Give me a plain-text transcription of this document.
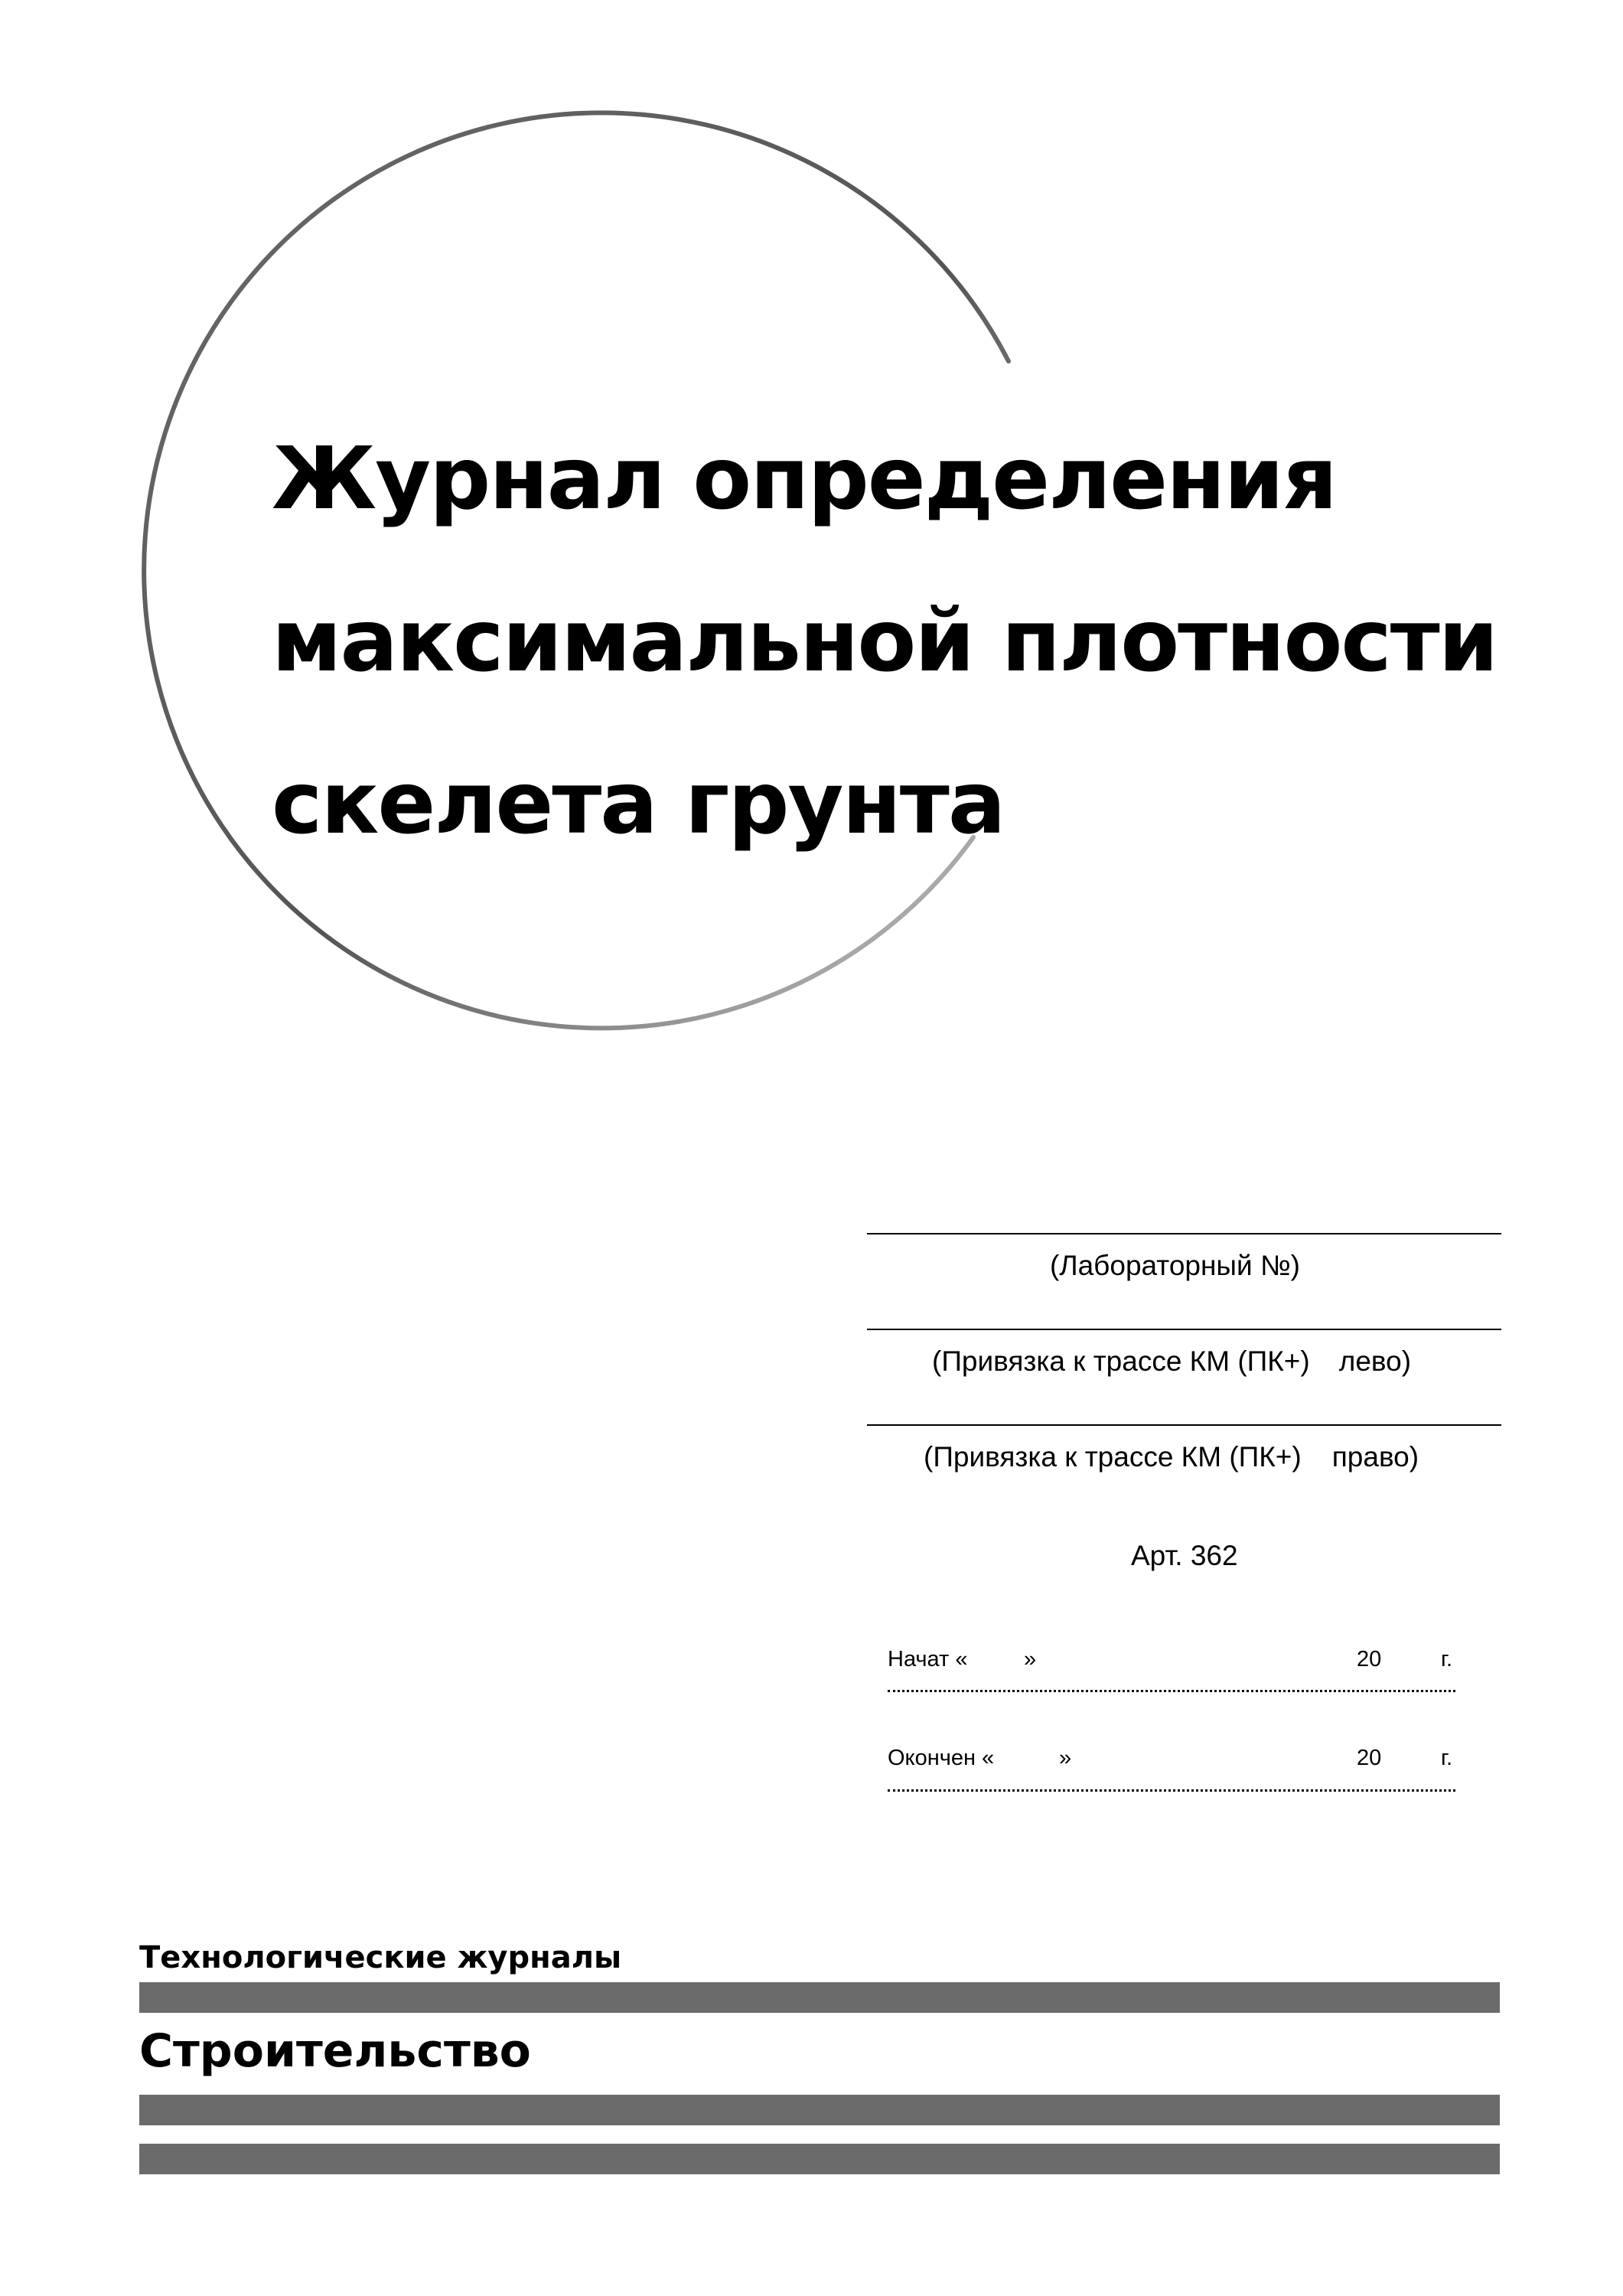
Журнал определения
максимальной плотности
скелета грунта
(Лабораторный №)
(Привязка к трассе КМ (ПК+) лево)
(Привязка к трассе КМ (ПК+) право)
Арт. 362
Начат «	»	20	г.
Окончен «	»	20	г.
Технологические журналы
Строительство
